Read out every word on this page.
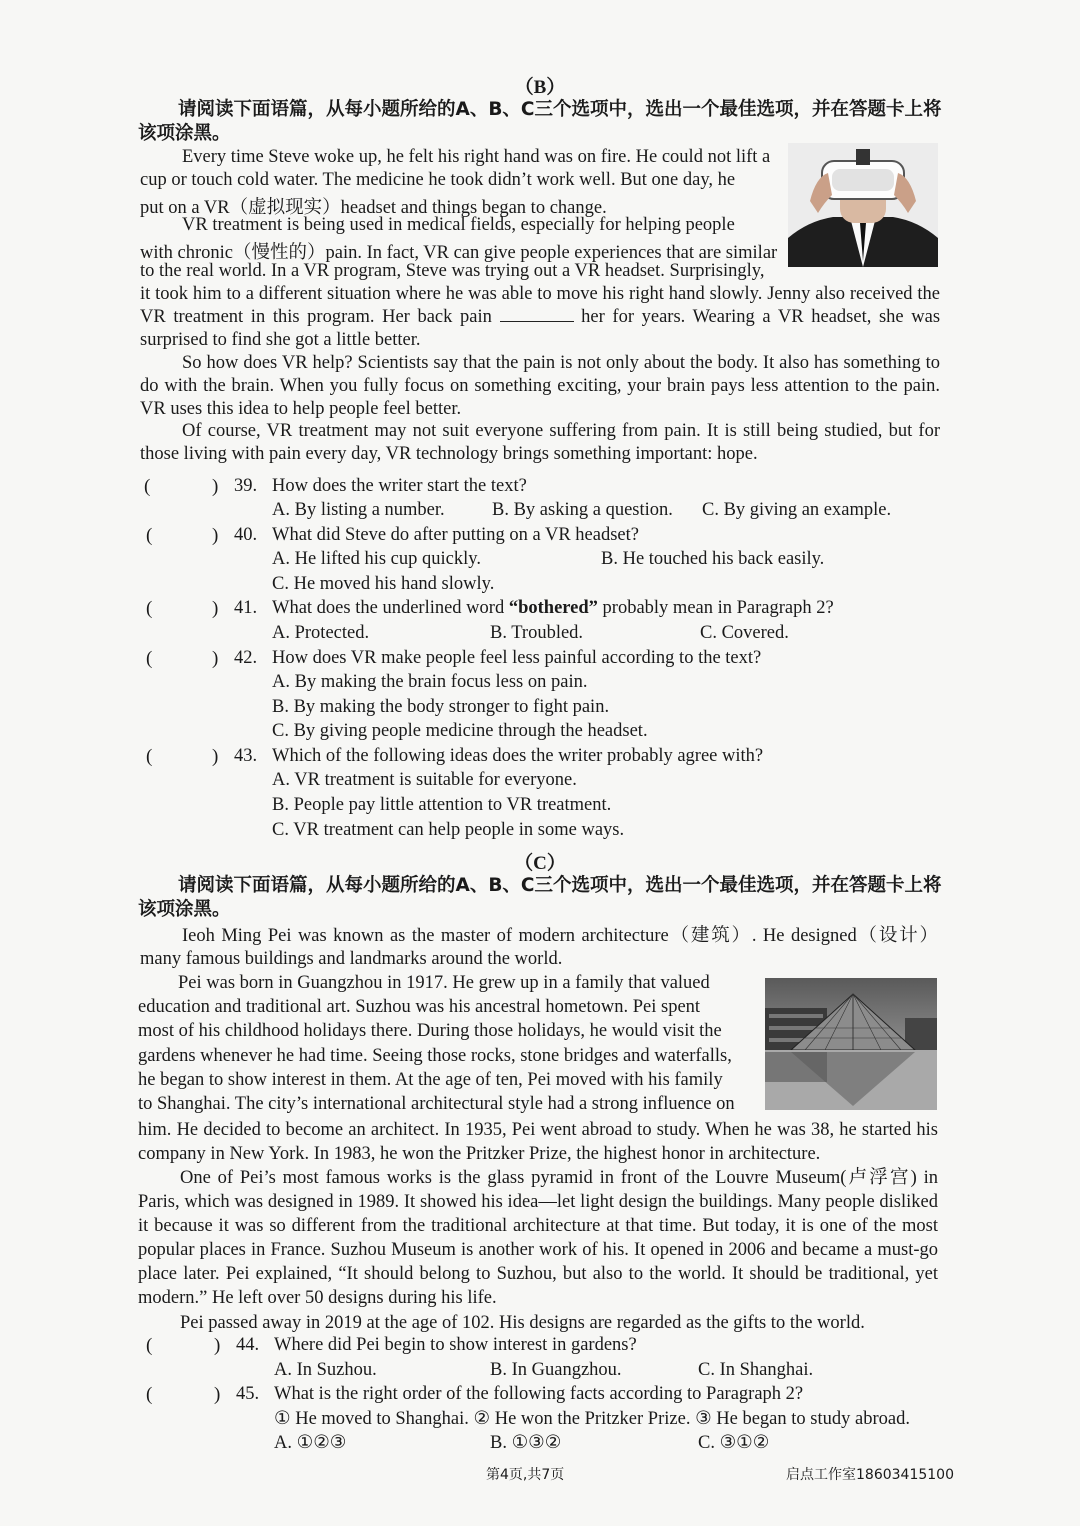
（B）
请阅读下面语篇，从每小题所给的A、B、C三个选项中，选出一个最佳选项，并在答题卡上将该项涂黑。
Every time Steve woke up, he felt his right hand was on fire. He could not lift a
cup or touch cold water. The medicine he took didn’t work well. But one day, he
put on a VR（虚拟现实）headset and things began to change.
VR treatment is being used in medical fields, especially for helping people
with chronic（慢性的）pain. In fact, VR can give people experiences that are similar
to the real world. In a VR program, Steve was trying out a VR headset. Surprisingly,

it took him to a different situation where he was able to move his right hand slowly. Jenny also received the VR treatment in this program. Her back pain	her for years. Wearing a VR headset, she was surprised to find she got a little better.

So how does VR help? Scientists say that the pain is not only about the body. It also has something to do with the brain. When you fully focus on something exciting, your brain pays less attention to the pain. VR uses this idea to help people feel better.

Of course, VR treatment may not suit everyone suffering from pain. It is still being studied, but for those living with pain every day, VR technology brings something important: hope.

(	) 39. How does the writer start the text?
A. By listing a number.	B. By asking a question. C. By giving an example.
(	) 40. What did Steve do after putting on a VR headset?
A. He lifted his cup quickly.	B. He touched his back easily.
C. He moved his hand slowly.
(	) 41. What does the underlined word “bothered” probably mean in Paragraph 2?
A. Protected.	B. Troubled.	C. Covered.
(	) 42. How does VR make people feel less painful according to the text?
A. By making the brain focus less on pain.
B. By making the body stronger to fight pain.
C. By giving people medicine through the headset.
(	) 43. Which of the following ideas does the writer probably agree with?
A. VR treatment is suitable for everyone.
B. People pay little attention to VR treatment.
C. VR treatment can help people in some ways.
（C）
请阅读下面语篇，从每小题所给的A、B、C三个选项中，选出一个最佳选项，并在答题卡上将该项涂黑。

Ieoh Ming Pei was known as the master of modern architecture（建筑）. He designed（设计）many famous buildings and landmarks around the world.

Pei was born in Guangzhou in 1917. He grew up in a family that valued
education and traditional art. Suzhou was his ancestral hometown. Pei spent
most of his childhood holidays there. During those holidays, he would visit the
gardens whenever he had time. Seeing those rocks, stone bridges and waterfalls,
he began to show interest in them. At the age of ten, Pei moved with his family
to Shanghai. The city’s international architectural style had a strong influence on

him. He decided to become an architect. In 1935, Pei went abroad to study. When he was 38, he started his company in New York. In 1983, he won the Pritzker Prize, the highest honor in architecture.

One of Pei’s most famous works is the glass pyramid in front of the Louvre Museum(卢浮宫) in Paris, which was designed in 1989. It showed his idea—let light design the buildings. Many people disliked it because it was so different from the traditional architecture at that time. But today, it is one of the most popular places in France. Suzhou Museum is another work of his. It opened in 2006 and became a must-go place later. Pei explained, “It should belong to Suzhou, but also to the world. It should be traditional, yet modern.” He left over 50 designs during his life.

Pei passed away in 2019 at the age of 102. His designs are regarded as the gifts to the world.

(	) 44. Where did Pei begin to show interest in gardens?
A. In Suzhou.	B. In Guangzhou.	C. In Shanghai.
(	) 45. What is the right order of the following facts according to Paragraph 2?
① He moved to Shanghai. ② He won the Pritzker Prize. ③ He began to study abroad.
A. ①②③	B. ①③②	C. ③①②
第4页,共7页	启点工作室18603415100
